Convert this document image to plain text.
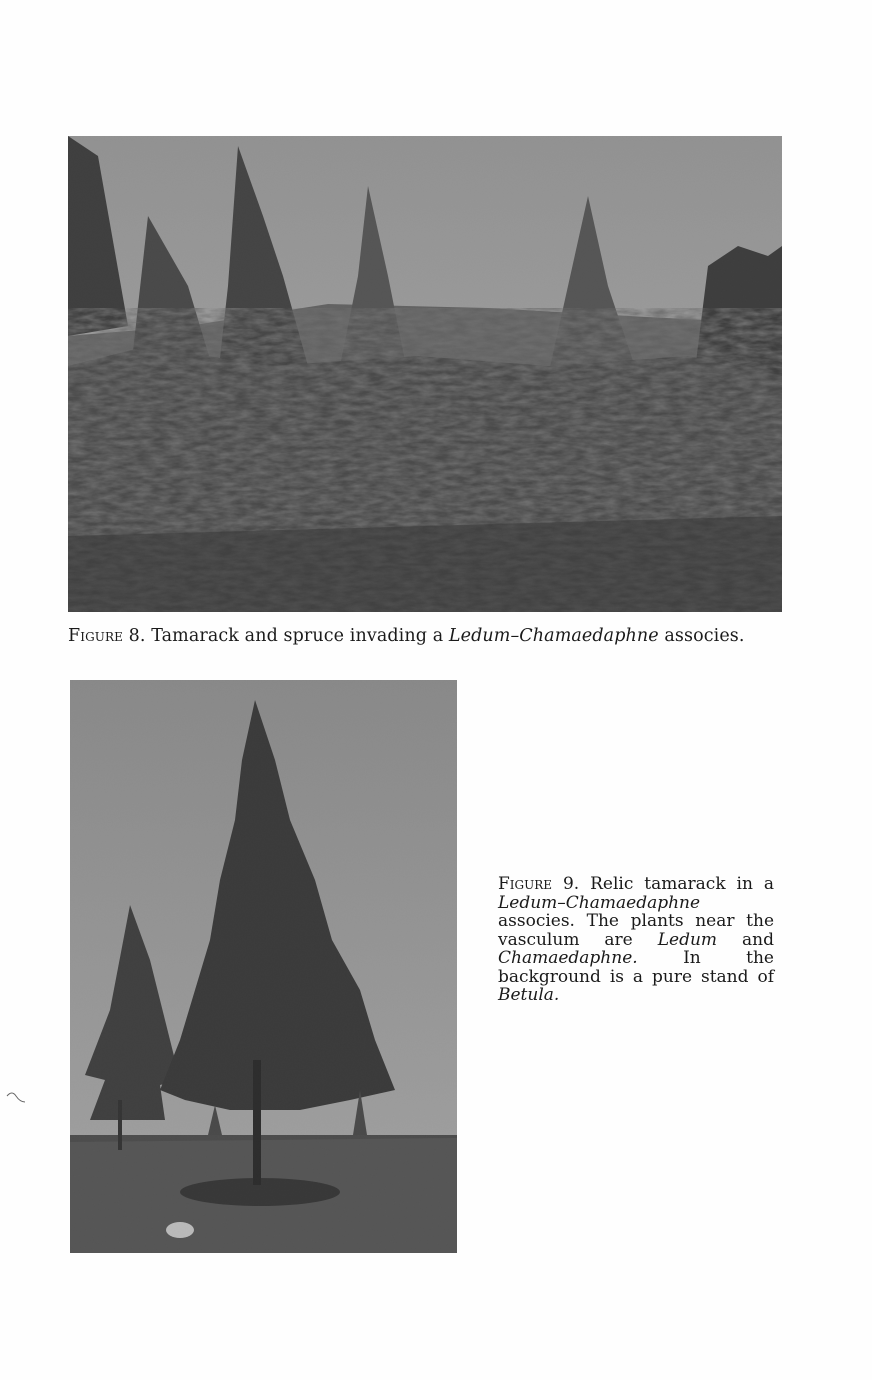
Figure 8. Tamarack and spruce invading a Ledum–Chamaedaphne associes.
Figure 9. Relic tamarack in a Ledum–Chamaedaphne associes. The plants near the vasculum are Ledum and Chamaedaphne.	In the background is a pure stand of Betula.
